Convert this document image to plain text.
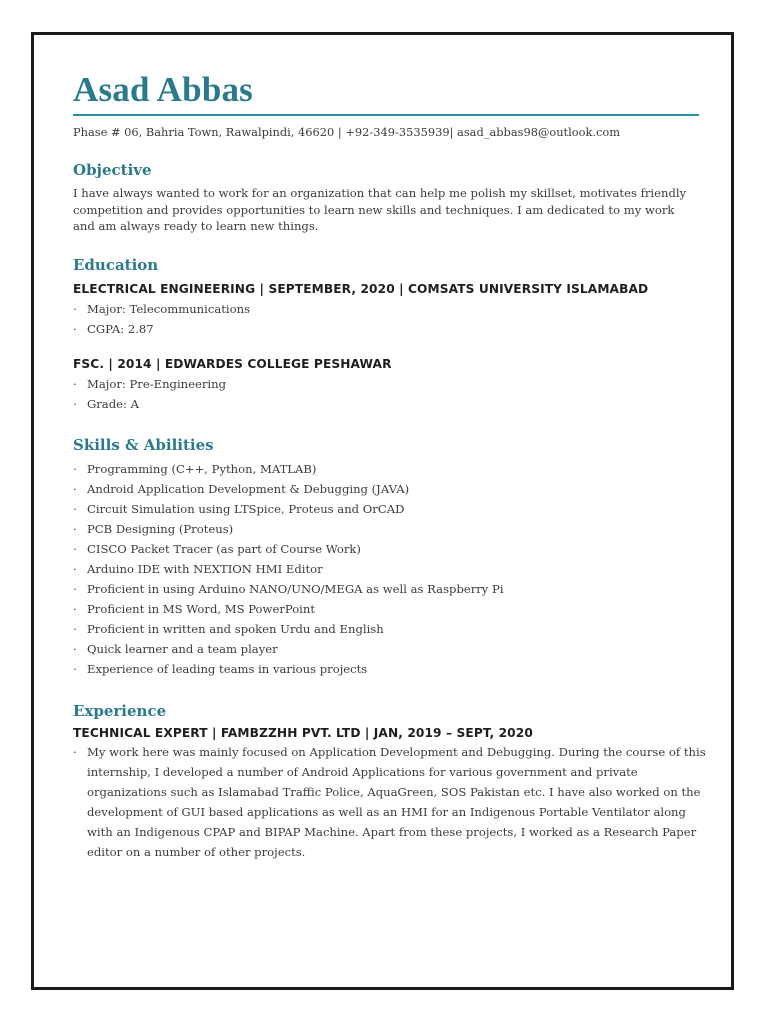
Asad Abbas
Phase # 06, Bahria Town, Rawalpindi, 46620 | +92-349-3535939| asad_abbas98@outlook.com
Objective

I have always wanted to work for an organization that can help me polish my skillset, motivates friendly competition and provides opportunities to learn new skills and techniques. I am dedicated to my work and am always ready to learn new things.

Education
ELECTRICAL ENGINEERING | SEPTEMBER, 2020 | COMSATS UNIVERSITY ISLAMABAD
· Major: Telecommunications
· CGPA: 2.87
FSC. | 2014 | EDWARDES COLLEGE PESHAWAR
· Major: Pre-Engineering
· Grade: A
Skills & Abilities
· Programming (C++, Python, MATLAB)
· Android Application Development & Debugging (JAVA)
· Circuit Simulation using LTSpice, Proteus and OrCAD
· PCB Designing (Proteus)
· CISCO Packet Tracer (as part of Course Work)
· Arduino IDE with NEXTION HMI Editor
· Proficient in using Arduino NANO/UNO/MEGA as well as Raspberry Pi
· Proficient in MS Word, MS PowerPoint
· Proficient in written and spoken Urdu and English
· Quick learner and a team player
· Experience of leading teams in various projects
Experience
TECHNICAL EXPERT | FAMBZZHH PVT. LTD | JAN, 2019 – SEPT, 2020
· My work here was mainly focused on Application Development and Debugging. During the course of this internship, I developed a number of Android Applications for various government and private organizations such as Islamabad Traffic Police, AquaGreen, SOS Pakistan etc. I have also worked on the development of GUI based applications as well as an HMI for an Indigenous Portable Ventilator along with an Indigenous CPAP and BIPAP Machine. Apart from these projects, I worked as a Research Paper editor on a number of other projects.
